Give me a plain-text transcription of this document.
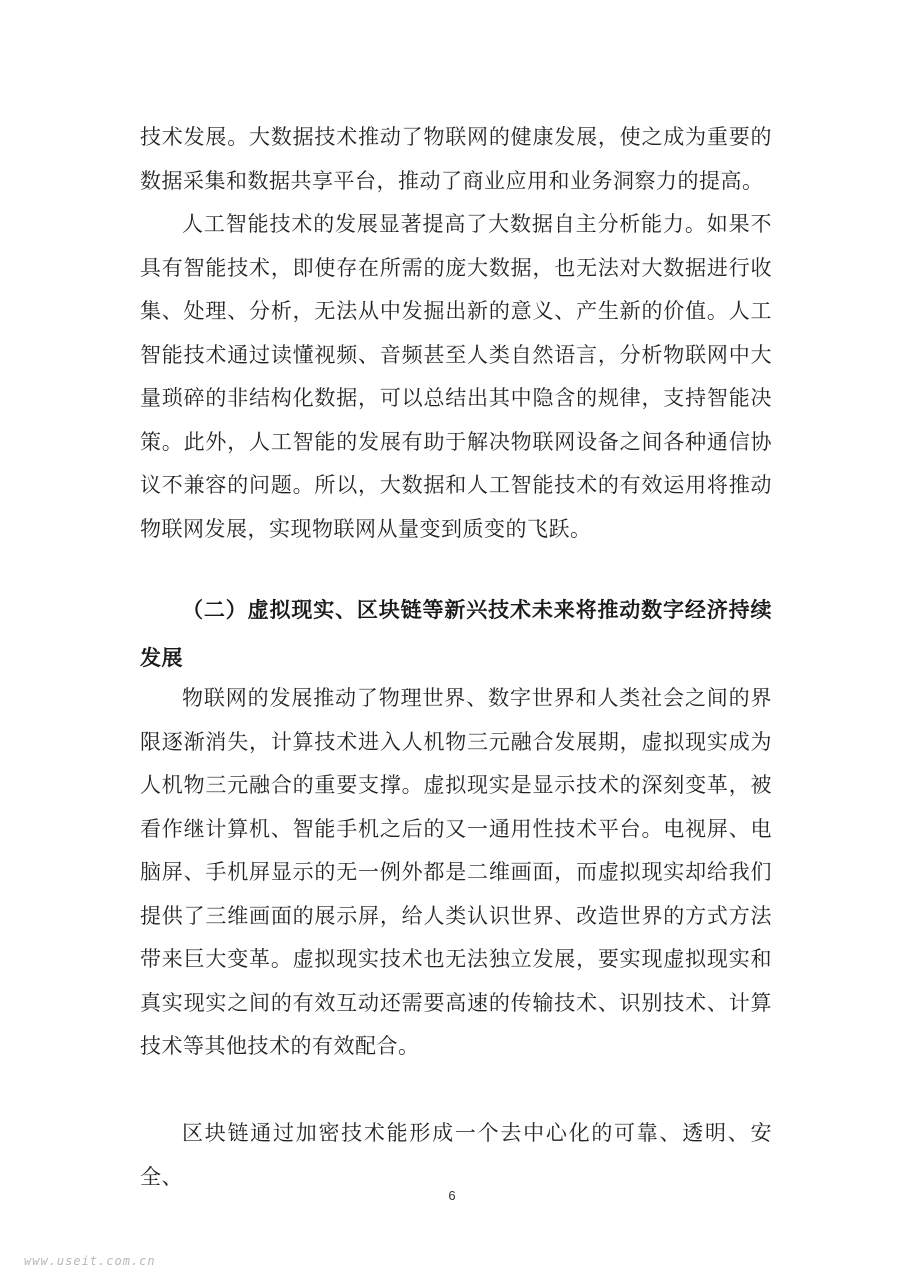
技术发展。大数据技术推动了物联网的健康发展，使之成为重要的数据采集和数据共享平台，推动了商业应用和业务洞察力的提高。

人工智能技术的发展显著提高了大数据自主分析能力。如果不具有智能技术，即使存在所需的庞大数据，也无法对大数据进行收集、处理、分析，无法从中发掘出新的意义、产生新的价值。人工智能技术通过读懂视频、音频甚至人类自然语言，分析物联网中大量琐碎的非结构化数据，可以总结出其中隐含的规律，支持智能决策。此外，人工智能的发展有助于解决物联网设备之间各种通信协议不兼容的问题。所以，大数据和人工智能技术的有效运用将推动物联网发展，实现物联网从量变到质变的飞跃。

（二）虚拟现实、区块链等新兴技术未来将推动数字经济持续发展

物联网的发展推动了物理世界、数字世界和人类社会之间的界限逐渐消失，计算技术进入人机物三元融合发展期，虚拟现实成为人机物三元融合的重要支撑。虚拟现实是显示技术的深刻变革，被看作继计算机、智能手机之后的又一通用性技术平台。电视屏、电脑屏、手机屏显示的无一例外都是二维画面，而虚拟现实却给我们提供了三维画面的展示屏，给人类认识世界、改造世界的方式方法带来巨大变革。虚拟现实技术也无法独立发展，要实现虚拟现实和真实现实之间的有效互动还需要高速的传输技术、识别技术、计算技术等其他技术的有效配合。

区块链通过加密技术能形成一个去中心化的可靠、透明、安全、

6
www.useit.com.cn
